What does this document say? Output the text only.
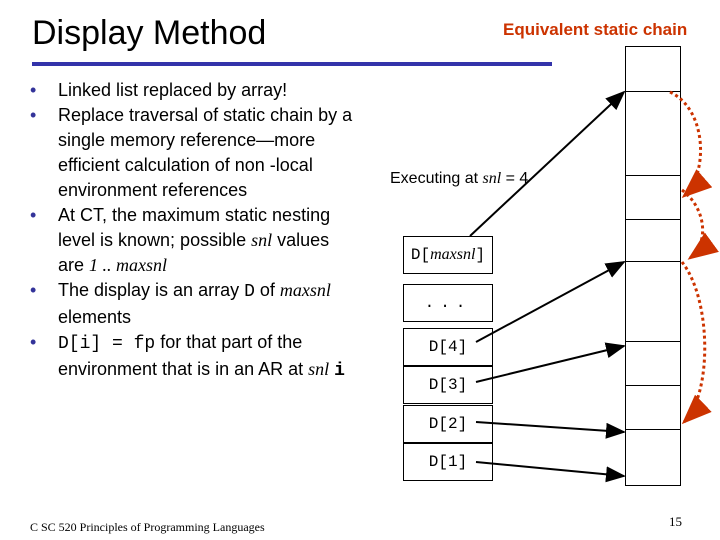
Display Method	Equivalent static chain
• Linked list replaced by array!
• Replace traversal of static chain by a single memory reference—more efficient calculation of non -local environment references
• At CT, the maximum static nesting level is known; possible snl values are 1 .. maxsnl
• The display is an array D of maxsnl elements
• D[i] = fp for that part of the environment that is in an AR at snl i
Executing at snl = 4
D[maxsnl]
...
D[4]
D[3]
D[2]
D[1]
C SC 520 Principles of Programming Languages	15
